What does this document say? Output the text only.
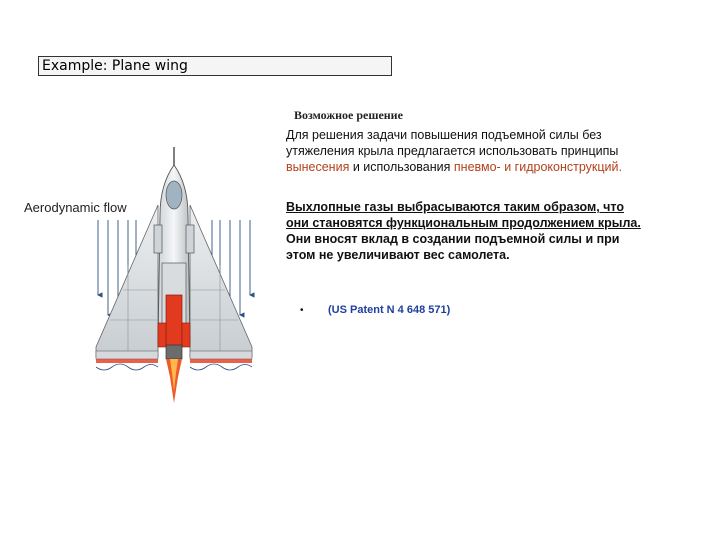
Example: Plane wing
Возможное решение

Для решения задачи повышения подъемной силы без утяжеления крыла предлагается использовать принципы вынесения и использования пневмо- и гидроконструкций.

Выхлопные газы выбрасываются таким образом, что они становятся функциональным продолжением крыла. Они вносят вклад в создании подъемной силы и при этом не увеличивают вес самолета.

• (US Patent N 4 648 571)
Aerodynamic flow
